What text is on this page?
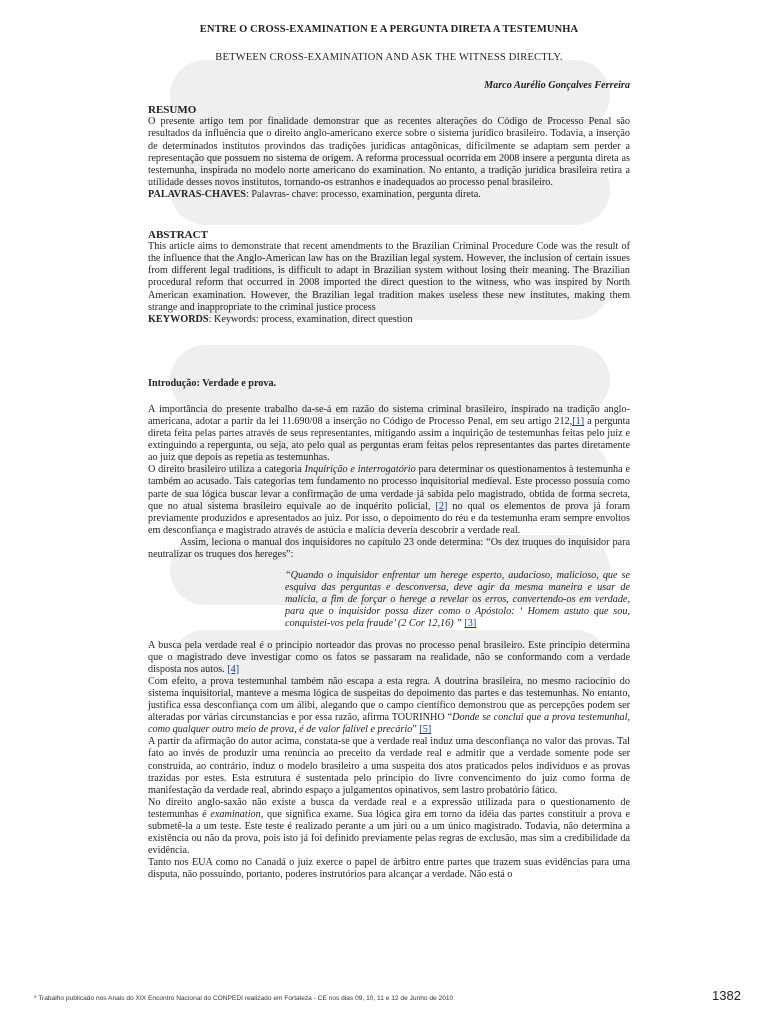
ENTRE O CROSS-EXAMINATION E A PERGUNTA DIRETA A TESTEMUNHA
BETWEEN CROSS-EXAMINATION AND ASK THE WITNESS DIRECTLY.
Marco Aurélio Gonçalves Ferreira
RESUMO

O presente artigo tem por finalidade demonstrar que as recentes alterações do Código de Processo Penal são resultados da influência que o direito anglo-americano exerce sobre o sistema jurídico brasileiro. Todavia, a inserção de determinados institutos provindos das tradições jurídicas antagônicas, dificilmente se adaptam sem perder a representação que possuem no sistema de origem. A reforma processual ocorrida em 2008 insere a pergunta direta as testemunha, inspirada no modelo norte americano do examination. No entanto, a tradição jurídica brasileira retira a utilidade desses novos institutos, tornando-os estranhos e inadequados ao processo penal brasileiro.

PALAVRAS-CHAVES: Palavras- chave: processo, examination, pergunta direta.

ABSTRACT

This article aims to demonstrate that recent amendments to the Brazilian Criminal Procedure Code was the result of the influence that the Anglo-American law has on the Brazilian legal system. However, the inclusion of certain issues from different legal traditions, is difficult to adapt in Brazilian system without losing their meaning. The Brazilian procedural reform that occurred in 2008 imported the direct question to the witness, who was inspired by North American examination. However, the Brazilian legal tradition makes useless these new institutes, making them strange and inappropriate to the criminal justice process

KEYWORDS: Keywords: process, examination, direct question

Introdução: Verdade e prova.

A importância do presente trabalho da-se-á em razão do sistema criminal brasileiro, inspirado na tradição anglo-americana, adotar a partir da lei 11.690/08 a inserção no Código de Processo Penal, em seu artigo 212,[1] a pergunta direta feita pelas partes através de seus representantes, mitigando assim a inquirição de testemunhas feitas pelo juiz e extinguindo a repergunta, ou seja, ato pelo qual as perguntas eram feitas pelos representantes das partes diretamente ao juiz que depois as repetia as testemunhas.

O direito brasileiro utiliza a categoria Inquirição e interrogatório para determinar os questionamentos à testemunha e também ao acusado. Tais categorias tem fundamento no processo inquisitorial medieval. Este processo possuía como parte de sua lógica buscar levar a confirmação de uma verdade já sabida pelo magistrado, obtida de forma secreta, que no atual sistema brasileiro equivale ao de inquérito policial, [2] no qual os elementos de prova já foram previamente produzidos e apresentados ao juiz. Por isso, o depoimento do réu e da testemunha eram sempre envoltos em desconfiança e magistrado através de astúcia e malícia deveria descobrir a verdade real.

Assim, leciona o manual dos inquisidores no capítulo 23 onde determina: “Os dez truques do inquisidor para neutralizar os truques dos hereges”:

“Quando o inquisidor enfrentar um herege esperto, audacioso, malicioso, que se esquiva das perguntas e desconversa, deve agir da mesma maneira e usar de malícia, a fim de forçar o herege a revelar os erros, convertendo-os em verdade, para que o inquisidor possa dizer como o Apóstolo: ‘ Homem astuto que sou, conquistei-vos pela fraude’ (2 Cor 12,16) ” [3]

A busca pela verdade real é o princípio norteador das provas no processo penal brasileiro. Este princípio determina que o magistrado deve investigar como os fatos se passaram na realidade, não se conformando com a verdade disposta nos autos. [4]

Com efeito, a prova testemunhal também não escapa a esta regra. A doutrina brasileira, no mesmo raciocínio do sistema inquisitorial, manteve a mesma lógica de suspeitas do depoimento das partes e das testemunhas. No entanto, justifica essa desconfiança com um álibi, alegando que o campo científico demonstrou que as percepções podem ser alteradas por várias circunstancias e por essa razão, afirma TOURINHO “Donde se conclui que a prova testemunhal, como qualquer outro meio de prova, é de valor falível e precário” [5]

A partir da afirmação do autor acima, constata-se que a verdade real induz uma desconfiança no valor das provas. Tal fato ao invés de produzir uma renúncia ao preceito da verdade real e admitir que a verdade somente pode ser construída, ao contrário, induz o modelo brasileiro a uma suspeita dos atos praticados pelos indivíduos e as provas trazidas por estes. Esta estrutura é sustentada pelo princípio do livre convencimento do juiz como forma de manifestação da verdade real, abrindo espaço a julgamentos opinativos, sem lastro probatório fático.

No direito anglo-saxão não existe a busca da verdade real e a expressão utilizada para o questionamento de testemunhas é examination, que significa exame. Sua lógica gira em torno da idéia das partes constituir a prova e submetê-la a um teste. Este teste é realizado perante a um júri ou a um único magistrado. Todavia, não determina a existência ou não da prova, pois isto já foi definido previamente pelas regras de exclusão, mas sim a credibilidade da evidência.

Tanto nos EUA como no Canadá o juiz exerce o papel de árbitro entre partes que trazem suas evidências para uma disputa, não possuindo, portanto, poderes instrutórios para alcançar a verdade. Não está o

* Trabalho publicado nos Anais do XIX Encontro Nacional do CONPEDI realizado em Fortaleza - CE nos dias 09, 10, 11 e 12 de Junho de 2010	1382
